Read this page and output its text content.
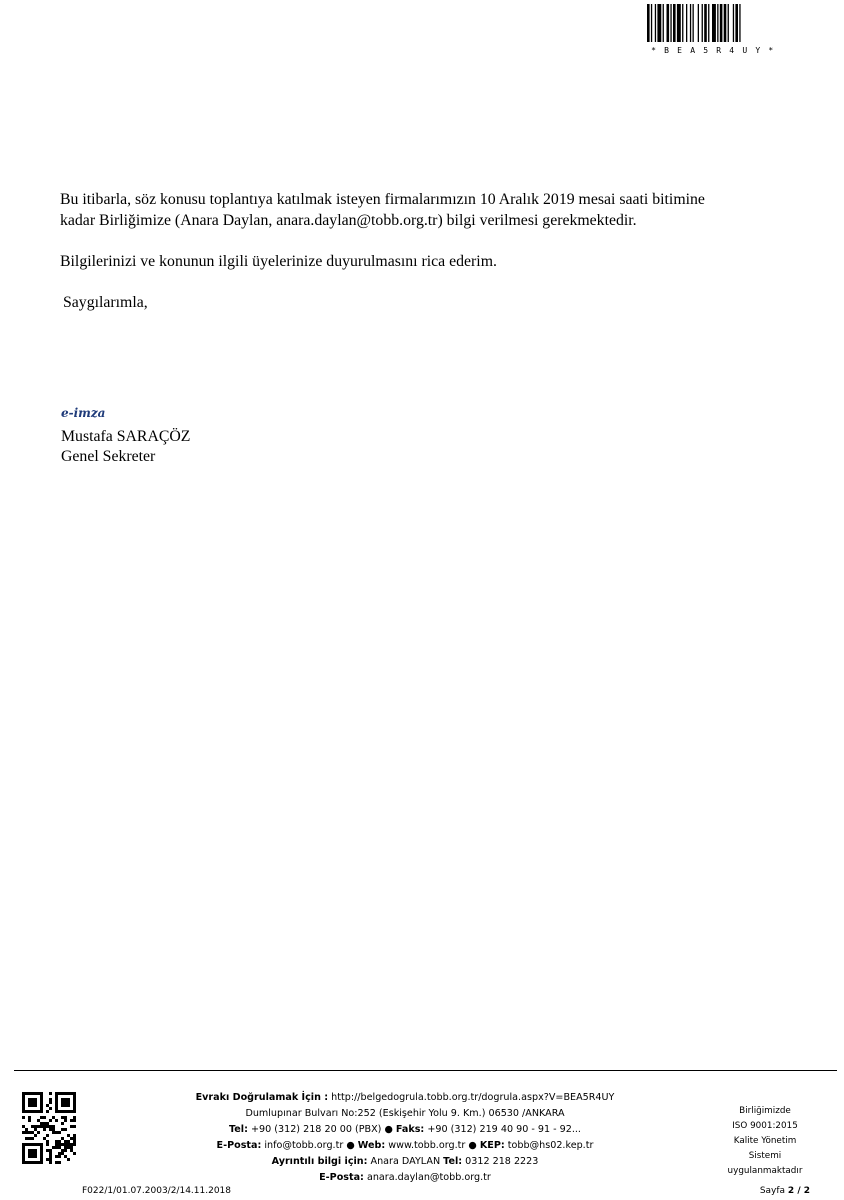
* B E A 5 R 4 U Y *
Bu itibarla, söz konusu toplantıya katılmak isteyen firmalarımızın 10 Aralık 2019 mesai saati bitimine
kadar Birliğimize (Anara Daylan, anara.daylan@tobb.org.tr) bilgi verilmesi gerekmektedir.
Bilgilerinizi ve konunun ilgili üyelerinize duyurulmasını rica ederim.
Saygılarımla,
e-imza
Mustafa SARAÇÖZ
Genel Sekreter
Evrakı Doğrulamak İçin : http://belgedogrula.tobb.org.tr/dogrula.aspx?V=BEA5R4UY
Dumlupınar Bulvarı No:252 (Eskişehir Yolu 9. Km.) 06530 /ANKARA
Tel: +90 (312) 218 20 00 (PBX) ● Faks: +90 (312) 219 40 90 - 91 - 92...
E-Posta: info@tobb.org.tr ● Web: www.tobb.org.tr ● KEP: tobb@hs02.kep.tr
Ayrıntılı bilgi için: Anara DAYLAN Tel: 0312 218 2223
E-Posta: anara.daylan@tobb.org.tr
Birliğimizde
ISO 9001:2015
Kalite Yönetim
Sistemi
uygulanmaktadır
F022/1/01.07.2003/2/14.11.2018	Sayfa 2 / 2
